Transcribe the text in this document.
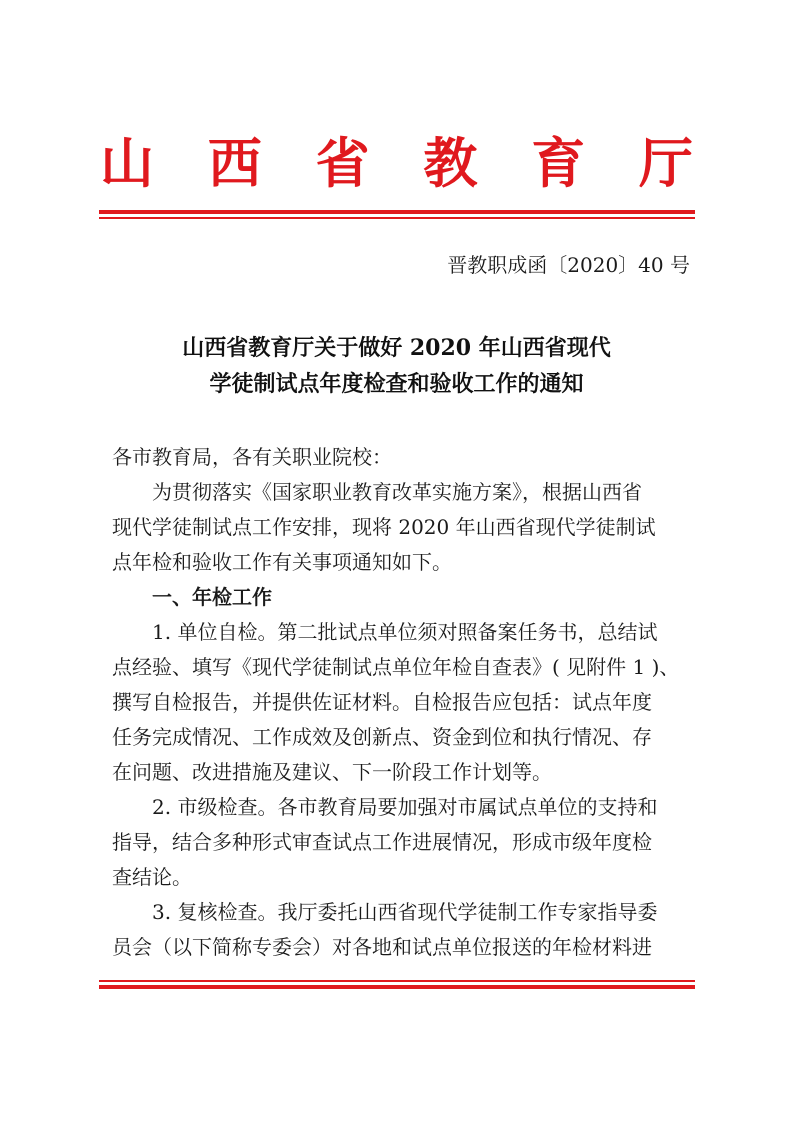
山 西 省 教 育 厅
晋教职成函〔2020〕40 号
山西省教育厅关于做好 2020 年山西省现代
学徒制试点年度检查和验收工作的通知
各市教育局，各有关职业院校：
为贯彻落实《国家职业教育改革实施方案》，根据山西省
现代学徒制试点工作安排，现将 2020 年山西省现代学徒制试
点年检和验收工作有关事项通知如下。
一、年检工作
1. 单位自检。第二批试点单位须对照备案任务书，总结试
点经验、填写《现代学徒制试点单位年检自查表》( 见附件 1 )、
撰写自检报告，并提供佐证材料。自检报告应包括：试点年度
任务完成情况、工作成效及创新点、资金到位和执行情况、存
在问题、改进措施及建议、下一阶段工作计划等。
2. 市级检查。各市教育局要加强对市属试点单位的支持和
指导，结合多种形式审查试点工作进展情况，形成市级年度检
查结论。
3. 复核检查。我厅委托山西省现代学徒制工作专家指导委
员会（以下简称专委会）对各地和试点单位报送的年检材料进
